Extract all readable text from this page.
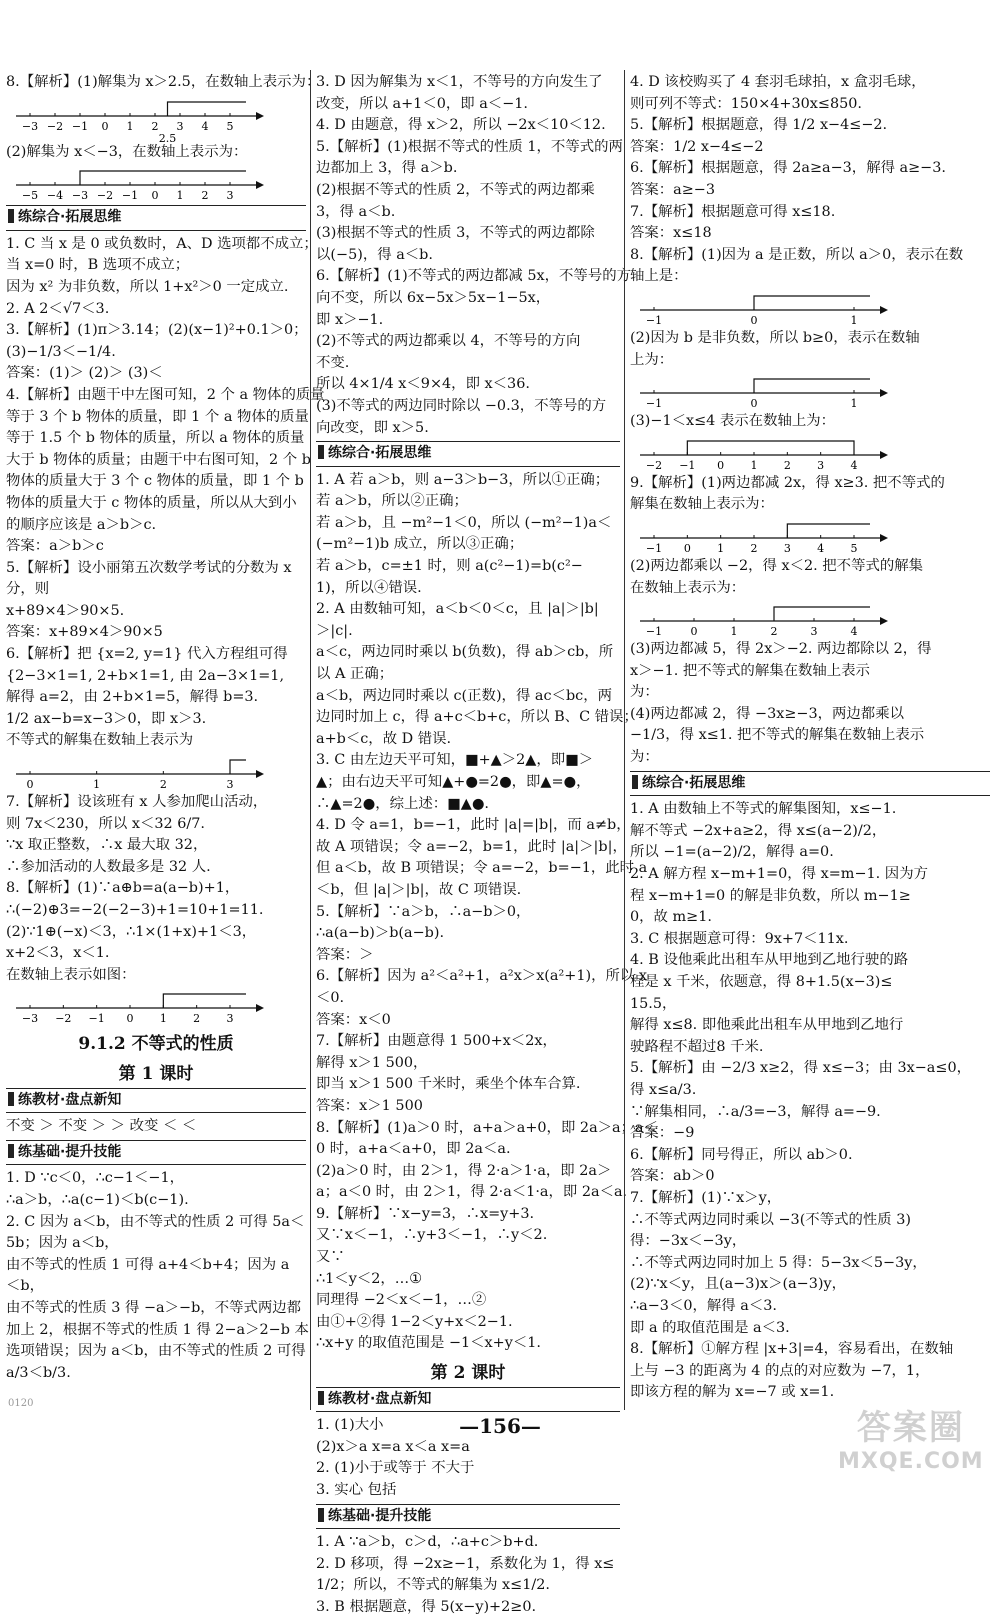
8.【解析】(1)解集为 x＞2.5，在数轴上表示为：
−3 −2 −1 0 1 2 3 4 5
2.5
(2)解集为 x＜−3，在数轴上表示为：
−5 −4 −3 −2 −1 0 1 2 3
练综合·拓展思维
1. C 当 x 是 0 或负数时，A、D 选项都不成立；
当 x=0 时，B 选项不成立；
因为 x² 为非负数，所以 1+x²＞0 一定成立.
2. A 2＜√7＜3.
3.【解析】(1)π＞3.14；(2)(x−1)²+0.1＞0；
(3)−1/3＜−1/4.
答案：(1)＞ (2)＞ (3)＜
4.【解析】由题干中左图可知，2 个 a 物体的质量
等于 3 个 b 物体的质量，即 1 个 a 物体的质量
等于 1.5 个 b 物体的质量，所以 a 物体的质量
大于 b 物体的质量；由题干中右图可知，2 个 b
物体的质量大于 3 个 c 物体的质量，即 1 个 b
物体的质量大于 c 物体的质量，所以从大到小
的顺序应该是 a＞b＞c.
答案：a＞b＞c
5.【解析】设小丽第五次数学考试的分数为 x
分，则
x+89×4＞90×5.
答案：x+89×4＞90×5
6.【解析】把 {x=2, y=1} 代入方程组可得
{2−3×1=1, 2+b×1=1, 由 2a−3×1=1,
解得 a=2，由 2+b×1=5，解得 b=3.
1/2 ax−b=x−3＞0，即 x＞3.
不等式的解集在数轴上表示为
0	1	2	3
7.【解析】设该班有 x 人参加爬山活动，
则 7x＜230，所以 x＜32 6/7.
∵x 取正整数，∴x 最大取 32，
∴参加活动的人数最多是 32 人.
8.【解析】(1)∵a⊕b=a(a−b)+1，
∴(−2)⊕3=−2(−2−3)+1=10+1=11.
(2)∵1⊕(−x)＜3，∴1×(1+x)+1＜3，
x+2＜3，x＜1.
在数轴上表示如图：
−3 −2 −1 0 1 2 3
9.1.2 不等式的性质
第 1 课时
练教材·盘点新知
不变 ＞ 不变 ＞ ＞ 改变 ＜ ＜
练基础·提升技能
1. D ∵c＜0，∴c−1＜−1，
∴a＞b，∴a(c−1)＜b(c−1).
2. C 因为 a＜b，由不等式的性质 2 可得 5a＜
5b；因为 a＜b，
由不等式的性质 1 可得 a+4＜b+4；因为 a
＜b，
由不等式的性质 3 得 −a＞−b，不等式两边都
加上 2，根据不等式的性质 1 得 2−a＞2−b 本
选项错误；因为 a＜b，由不等式的性质 2 可得
a/3＜b/3.
3. D 因为解集为 x＜1，不等号的方向发生了
改变，所以 a+1＜0，即 a＜−1.
4. D 由题意，得 x＞2，所以 −2x＜10＜12.
5.【解析】(1)根据不等式的性质 1，不等式的两
边都加上 3，得 a＞b.
(2)根据不等式的性质 2，不等式的两边都乘
3，得 a＜b.
(3)根据不等式的性质 3，不等式的两边都除
以(−5)，得 a＜b.
6.【解析】(1)不等式的两边都减 5x，不等号的方
向不变，所以 6x−5x＞5x−1−5x，
即 x＞−1.
(2)不等式的两边都乘以 4，不等号的方向
不变.
所以 4×1/4 x＜9×4，即 x＜36.
(3)不等式的两边同时除以 −0.3，不等号的方
向改变，即 x＞5.
练综合·拓展思维
1. A 若 a＞b，则 a−3＞b−3，所以①正确；
若 a＞b，所以②正确；
若 a＞b，且 −m²−1＜0，所以 (−m²−1)a＜
(−m²−1)b 成立，所以③正确；
若 a＞b，c=±1 时，则 a(c²−1)=b(c²−
1)，所以④错误.
2. A 由数轴可知，a＜b＜0＜c，且 |a|＞|b|
＞|c|.
a＜c，两边同时乘以 b(负数)，得 ab＞cb，所
以 A 正确；
a＜b，两边同时乘以 c(正数)，得 ac＜bc，两
边同时加上 c，得 a+c＜b+c，所以 B、C 错误；
a+b＜c，故 D 错误.
3. C 由左边天平可知，■+▲＞2▲，即■＞
▲；由右边天平可知▲+●=2●，即▲=●，
∴▲=2●，综上述：■▲●.
4. D 令 a=1，b=−1，此时 |a|=|b|，而 a≠b，
故 A 项错误；令 a=−2，b=1，此时 |a|＞|b|，
但 a＜b，故 B 项错误；令 a=−2，b=−1，此时 a
＜b，但 |a|＞|b|，故 C 项错误.
5.【解析】∵a＞b，∴a−b＞0，
∴a(a−b)＞b(a−b).
答案：＞
6.【解析】因为 a²＜a²+1，a²x＞x(a²+1)，所以 x
＜0.
答案：x＜0
7.【解析】由题意得 1 500+x＜2x，
解得 x＞1 500，
即当 x＞1 500 千米时，乘坐个体车合算.
答案：x＞1 500
8.【解析】(1)a＞0 时，a+a＞a+0，即 2a＞a；a＜
0 时，a+a＜a+0，即 2a＜a.
(2)a＞0 时，由 2＞1，得 2·a＞1·a，即 2a＞
a；a＜0 时，由 2＞1，得 2·a＜1·a，即 2a＜a.
9.【解析】∵x−y=3，∴x=y+3.
又∵x＜−1，∴y+3＜−1，∴y＜2.
又∵
∴1＜y＜2，…①
同理得 −2＜x＜−1，…②
由①+②得 1−2＜y+x＜2−1.
∴x+y 的取值范围是 −1＜x+y＜1.
第 2 课时
练教材·盘点新知
1. (1)大小
(2)x＞a x=a x＜a x=a
2. (1)小于或等于 不大于
3. 实心 包括
练基础·提升技能
1. A ∵a＞b，c＞d，∴a+c＞b+d.
2. D 移项，得 −2x≥−1，系数化为 1，得 x≤
1/2；所以，不等式的解集为 x≤1/2.
3. B 根据题意，得 5(x−y)+2≥0.
4. D 该校购买了 4 套羽毛球拍，x 盒羽毛球，
则可列不等式：150×4+30x≤850.
5.【解析】根据题意，得 1/2 x−4≤−2.
答案：1/2 x−4≤−2
6.【解析】根据题意，得 2a≥a−3，解得 a≥−3.
答案：a≥−3
7.【解析】根据题意可得 x≤18.
答案：x≤18
8.【解析】(1)因为 a 是正数，所以 a＞0，表示在数
轴上是：
−1	0	1
(2)因为 b 是非负数，所以 b≥0，表示在数轴
上为：
−1	0	1
(3)−1＜x≤4 表示在数轴上为：
−2 −1 0 1 2 3 4
9.【解析】(1)两边都减 2x，得 x≥3. 把不等式的
解集在数轴上表示为：
−1 0 1 2 3 4 5
(2)两边都乘以 −2，得 x＜2. 把不等式的解集
在数轴上表示为：
−1	0	1	2	3	4
(3)两边都减 5，得 2x＞−2. 两边都除以 2，得
x＞−1. 把不等式的解集在数轴上表示
为：
(4)两边都减 2，得 −3x≥−3，两边都乘以
−1/3，得 x≤1. 把不等式的解集在数轴上表示
为：
练综合·拓展思维
1. A 由数轴上不等式的解集图知，x≤−1.
解不等式 −2x+a≥2，得 x≤(a−2)/2，
所以 −1=(a−2)/2，解得 a=0.
2. A 解方程 x−m+1=0，得 x=m−1. 因为方
程 x−m+1=0 的解是非负数，所以 m−1≥
0，故 m≥1.
3. C 根据题意可得：9x+7＜11x.
4. B 设他乘此出租车从甲地到乙地行驶的路
程是 x 千米，依题意，得 8+1.5(x−3)≤
15.5，
解得 x≤8. 即他乘此出租车从甲地到乙地行
驶路程不超过8 千米.
5.【解析】由 −2/3 x≥2，得 x≤−3；由 3x−a≤0，
得 x≤a/3.
∵解集相同，∴a/3=−3，解得 a=−9.
答案：−9
6.【解析】同号得正，所以 ab＞0.
答案：ab＞0
7.【解析】(1)∵x＞y，
∴不等式两边同时乘以 −3(不等式的性质 3)
得：−3x＜−3y，
∴不等式两边同时加上 5 得：5−3x＜5−3y，
(2)∵x＜y，且(a−3)x＞(a−3)y，
∴a−3＜0，解得 a＜3.
即 a 的取值范围是 a＜3.
8.【解析】①解方程 |x+3|=4，容易看出，在数轴
上与 −3 的距离为 4 的点的对应数为 −7，1，
即该方程的解为 x=−7 或 x=1.
0120
—156—	答案圈
MXQE.COM
